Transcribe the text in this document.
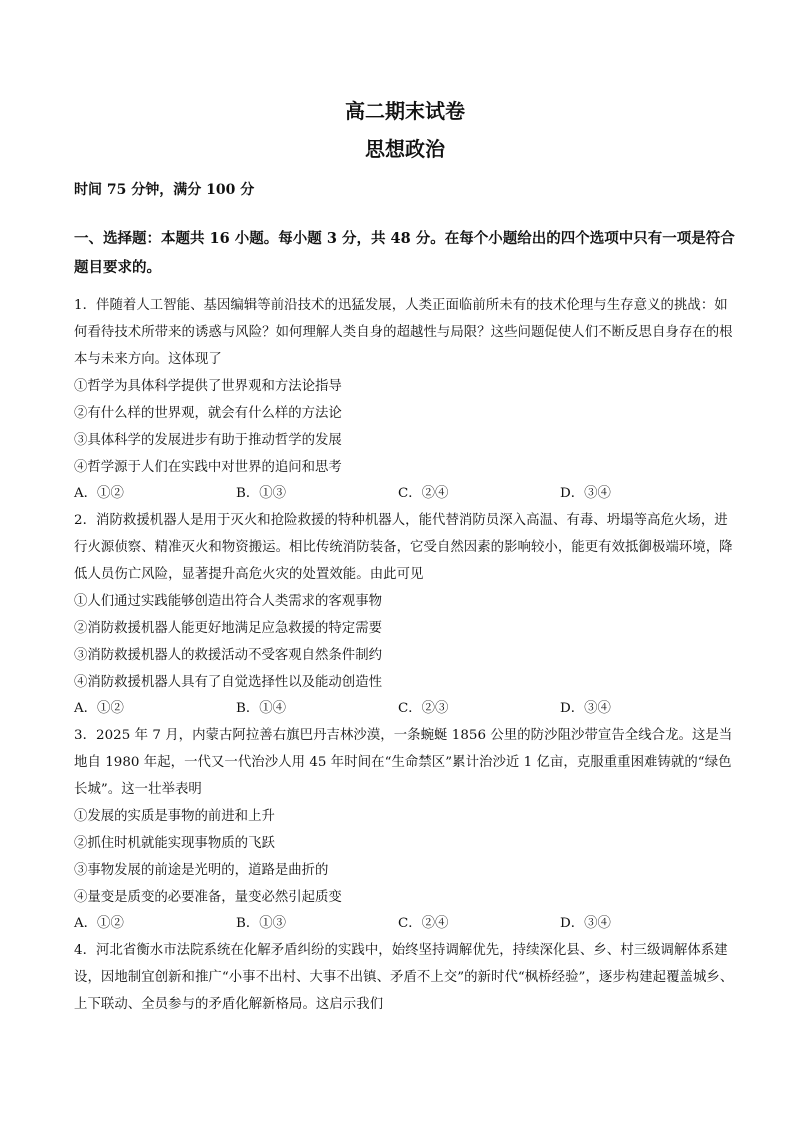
高二期末试卷
思想政治
时间 75 分钟，满分 100 分
一、选择题：本题共 16 小题。每小题 3 分，共 48 分。在每个小题给出的四个选项中只有一项是符合题目要求的。
1．伴随着人工智能、基因编辑等前沿技术的迅猛发展，人类正面临前所未有的技术伦理与生存意义的挑战：如何看待技术所带来的诱惑与风险？如何理解人类自身的超越性与局限？这些问题促使人们不断反思自身存在的根本与未来方向。这体现了
①哲学为具体科学提供了世界观和方法论指导
②有什么样的世界观，就会有什么样的方法论
③具体科学的发展进步有助于推动哲学的发展
④哲学源于人们在实践中对世界的追问和思考
A．①②	B．①③	C．②④	D．③④
2．消防救援机器人是用于灭火和抢险救援的特种机器人，能代替消防员深入高温、有毒、坍塌等高危火场，进行火源侦察、精准灭火和物资搬运。相比传统消防装备，它受自然因素的影响较小，能更有效抵御极端环境，降低人员伤亡风险，显著提升高危火灾的处置效能。由此可见
①人们通过实践能够创造出符合人类需求的客观事物
②消防救援机器人能更好地满足应急救援的特定需要
③消防救援机器人的救援活动不受客观自然条件制约
④消防救援机器人具有了自觉选择性以及能动创造性
A．①②	B．①④	C．②③	D．③④
3．2025 年 7 月，内蒙古阿拉善右旗巴丹吉林沙漠，一条蜿蜒 1856 公里的防沙阻沙带宣告全线合龙。这是当地自 1980 年起，一代又一代治沙人用 45 年时间在“生命禁区”累计治沙近 1 亿亩，克服重重困难铸就的“绿色长城”。这一壮举表明
①发展的实质是事物的前进和上升
②抓住时机就能实现事物质的飞跃
③事物发展的前途是光明的，道路是曲折的
④量变是质变的必要准备，量变必然引起质变
A．①②	B．①③	C．②④	D．③④
4．河北省衡水市法院系统在化解矛盾纠纷的实践中，始终坚持调解优先，持续深化县、乡、村三级调解体系建设，因地制宜创新和推广“小事不出村、大事不出镇、矛盾不上交”的新时代“枫桥经验”，逐步构建起覆盖城乡、上下联动、全员参与的矛盾化解新格局。这启示我们
